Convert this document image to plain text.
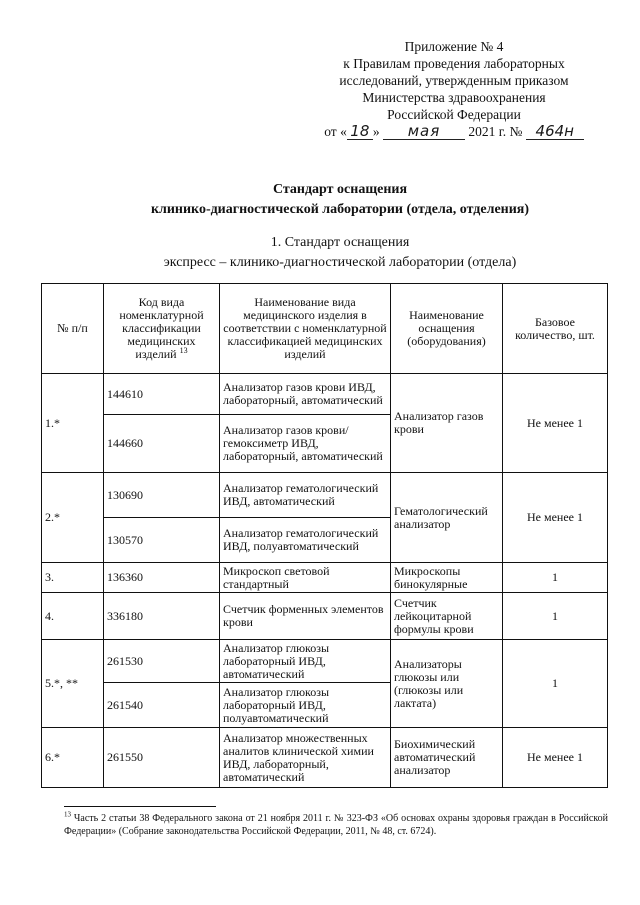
Приложение № 4
к Правилам проведения лабораторных
исследований, утвержденным приказом
Министерства здравоохранения
Российской Федерации
от « 18 » мая 2021 г. № 464н
Стандарт оснащения
клинико-диагностической лаборатории (отдела, отделения)
1. Стандарт оснащения
экспресс – клинико-диагностической лаборатории (отдела)
№ п/п	Код вида номенклатурной классификации медицинских изделий $^{13}$	Наименование вида медицинского изделия в соответствии с номенклатурной классификацией медицинских изделий	Наименование оснащения (оборудования)	Базовое количество, шт.
1.*	144610	Анализатор газов крови ИВД, лабораторный, автоматический	Анализатор газов крови	Не менее 1
	144660	Анализатор газов крови/гемоксиметр ИВД, лабораторный, автоматический		
2.*	130690	Анализатор гематологический ИВД, автоматический	Гематологический анализатор	Не менее 1
	130570	Анализатор гематологический ИВД, полуавтоматический		
3.	136360	Микроскоп световой стандартный	Микроскопы бинокулярные	1
4.	336180	Счетчик форменных элементов крови	Счетчик лейкоцитарной формулы крови	1
5.*, **	261530	Анализатор глюкозы лабораторный ИВД, автоматический	Анализаторы глюкозы или (глюкозы или лактата)	1
	261540	Анализатор глюкозы лабораторный ИВД, полуавтоматический		
6.*	261550	Анализатор множественных аналитов клинической химии ИВД, лабораторный, автоматический	Биохимический автоматический анализатор	Не менее 1
$^{13}$ Часть 2 статьи 38 Федерального закона от 21 ноября 2011 г. № 323-ФЗ «Об основах охраны здоровья граждан в Российской Федерации» (Собрание законодательства Российской Федерации, 2011, № 48, ст. 6724).
